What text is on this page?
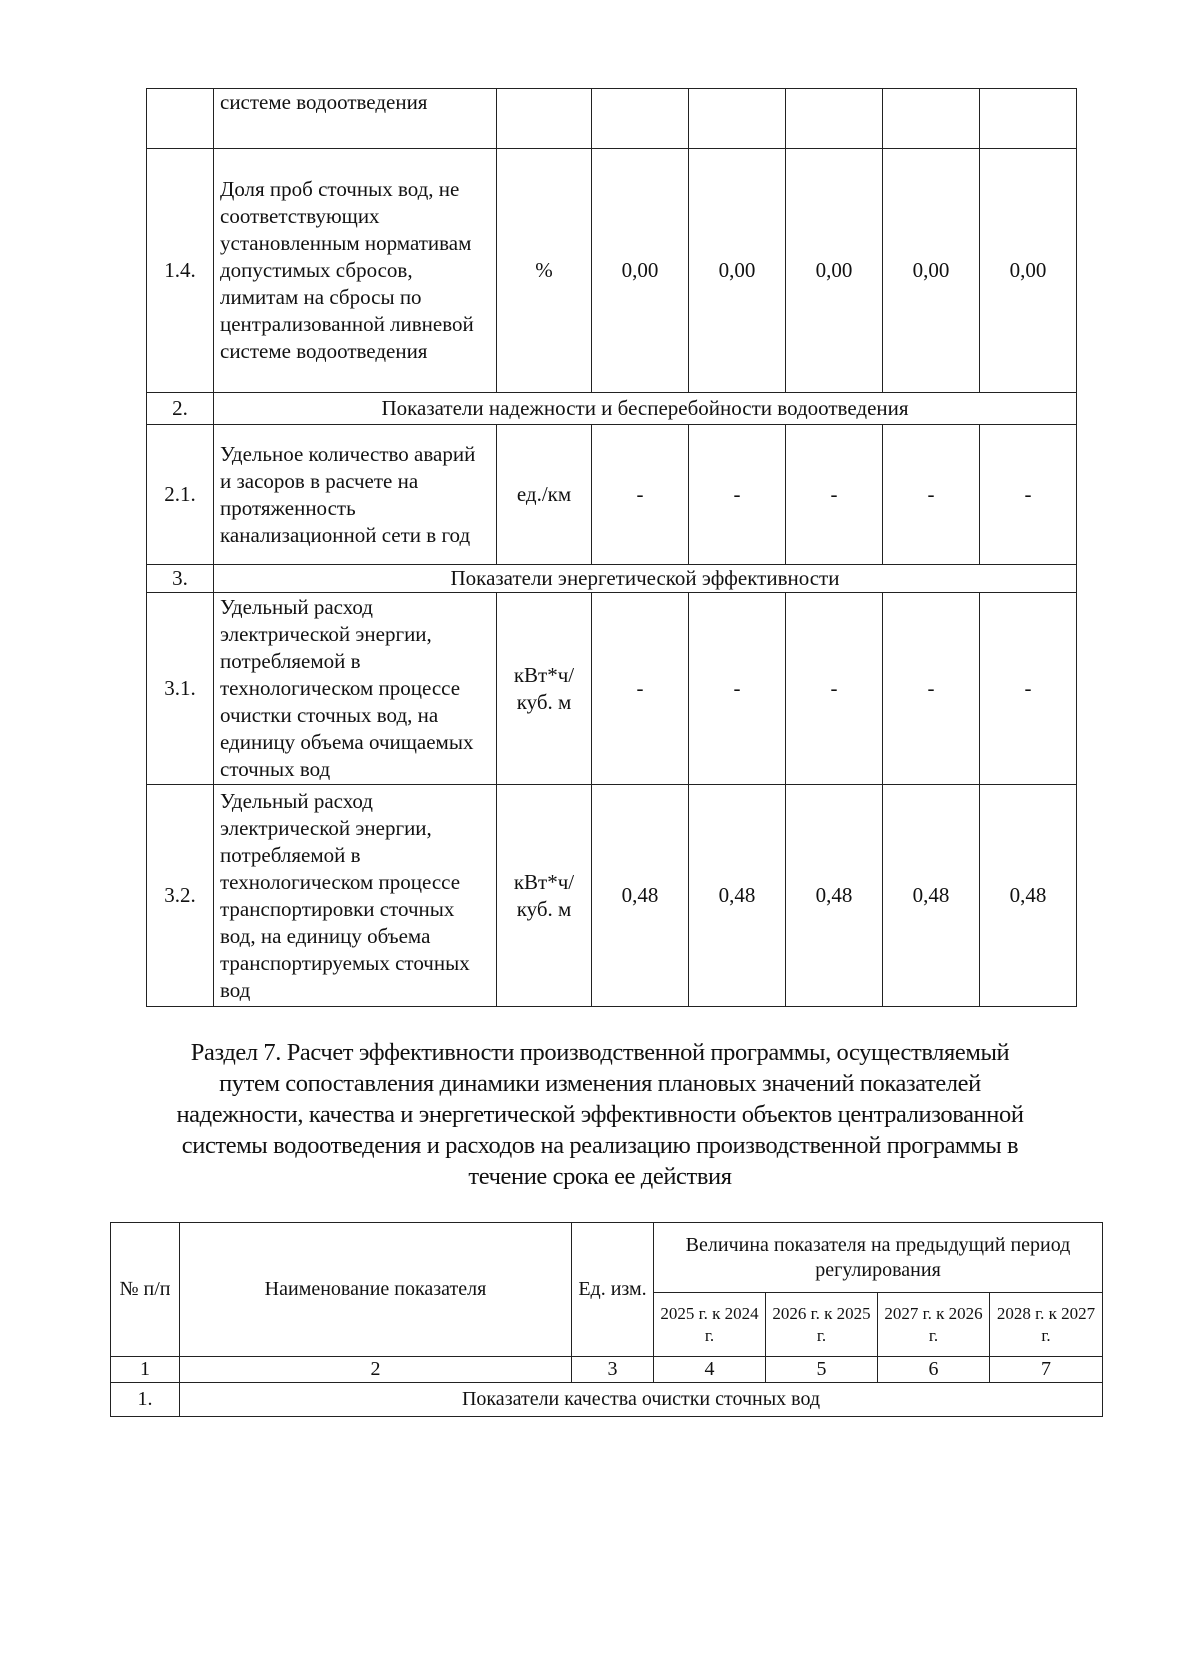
	системе водоотведения						
1.4.	Доля проб сточных вод, не соответствующих установленным нормативам допустимых сбросов, лимитам на сбросы по централизованной ливневой системе водоотведения	%	0,00	0,00	0,00	0,00	0,00
2.	Показатели надежности и бесперебойности водоотведения						
2.1.	Удельное количество аварий и засоров в расчете на протяженность канализационной сети в год	ед./км	-	-	-	-	-
3.	Показатели энергетической эффективности						
3.1.	Удельный расход электрической энергии, потребляемой в технологическом процессе очистки сточных вод, на единицу объема очищаемых сточных вод	кВт*ч/ куб. м	-	-	-	-	-
3.2.	Удельный расход электрической энергии, потребляемой в технологическом процессе транспортировки сточных вод, на единицу объема транспортируемых сточных вод	кВт*ч/ куб. м	0,48	0,48	0,48	0,48	0,48
Раздел 7. Расчет эффективности производственной программы, осуществляемый
путем сопоставления динамики изменения плановых значений показателей
надежности, качества и энергетической эффективности объектов централизованной
системы водоотведения и расходов на реализацию производственной программы в
течение срока ее действия
№ п/п	Наименование показателя	Ед. изм.	Величина показателя на предыдущий период регулирования			
			2025 г. к 2024 г.	2026 г. к 2025 г.	2027 г. к 2026 г.	2028 г. к 2027 г.
1	2	3	4	5	6	7
1.	Показатели качества очистки сточных вод					
